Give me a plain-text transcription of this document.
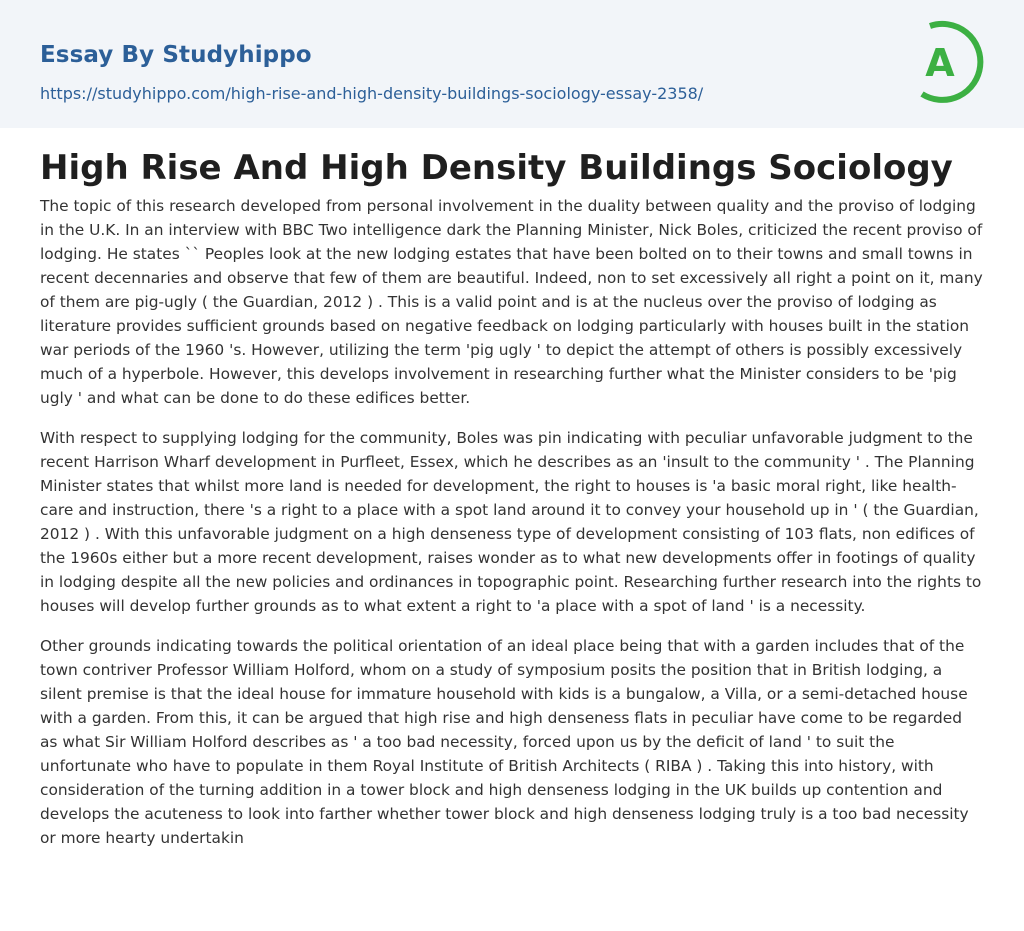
Essay By Studyhippo
https://studyhippo.com/high-rise-and-high-density-buildings-sociology-essay-2358/
A
High Rise And High Density Buildings Sociology

The topic of this research developed from personal involvement in the duality between quality and the proviso of lodging in the U.K. In an interview with BBC Two intelligence dark the Planning Minister, Nick Boles, criticized the recent proviso of lodging. He states `` Peoples look at the new lodging estates that have been bolted on to their towns and small towns in recent decennaries and observe that few of them are beautiful. Indeed, non to set excessively all right a point on it, many of them are pig-ugly ( the Guardian, 2012 ) . This is a valid point and is at the nucleus over the proviso of lodging as literature provides sufficient grounds based on negative feedback on lodging particularly with houses built in the station war periods of the 1960 's. However, utilizing the term 'pig ugly ' to depict the attempt of others is possibly excessively much of a hyperbole. However, this develops involvement in researching further what the Minister considers to be 'pig ugly ' and what can be done to do these edifices better.

With respect to supplying lodging for the community, Boles was pin indicating with peculiar unfavorable judgment to the recent Harrison Wharf development in Purfleet, Essex, which he describes as an 'insult to the community ' . The Planning Minister states that whilst more land is needed for development, the right to houses is 'a basic moral right, like health-care and instruction, there 's a right to a place with a spot land around it to convey your household up in ' ( the Guardian, 2012 ) . With this unfavorable judgment on a high denseness type of development consisting of 103 flats, non edifices of the 1960s either but a more recent development, raises wonder as to what new developments offer in footings of quality in lodging despite all the new policies and ordinances in topographic point. Researching further research into the rights to houses will develop further grounds as to what extent a right to 'a place with a spot of land ' is a necessity.

Other grounds indicating towards the political orientation of an ideal place being that with a garden includes that of the town contriver Professor William Holford, whom on a study of symposium posits the position that in British lodging, a silent premise is that the ideal house for immature household with kids is a bungalow, a Villa, or a semi-detached house with a garden. From this, it can be argued that high rise and high denseness flats in peculiar have come to be regarded as what Sir William Holford describes as ' a too bad necessity, forced upon us by the deficit of land ' to suit the unfortunate who have to populate in them Royal Institute of British Architects ( RIBA ) . Taking this into history, with consideration of the turning addition in a tower block and high denseness lodging in the UK builds up contention and develops the acuteness to look into farther whether tower block and high denseness lodging truly is a too bad necessity or more hearty undertakin
